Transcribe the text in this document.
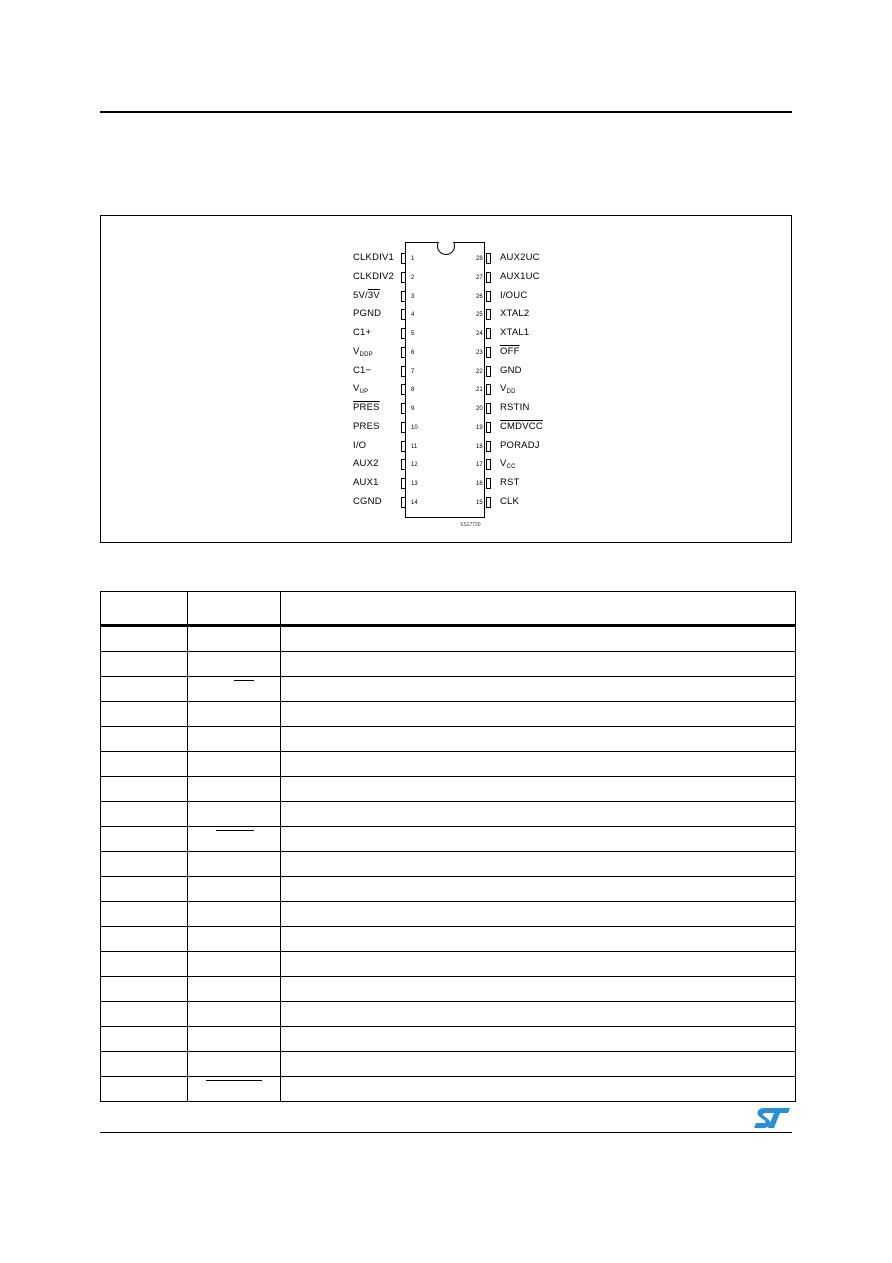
1
CLKDIV1
2
CLKDIV2
3
5V/3V
4
PGND
5
C1+
6
$V_{DDP}$
7
C1−
8
$V_{UP}$
9
PRES
10
PRES
11
I/O
12
AUX2
13
AUX1
14
CGND
28 AUX2UC
27 AUX1UC
26 I/OUC
25 XTAL2
24 XTAL1
23 $\overline{OFF}$
22 GND
21 $V_{DD}$
20 RSTIN
19 CMDVCC
18 PORADJ
17 $V_{CC}$
16 RST
15 CLK
SS17720
